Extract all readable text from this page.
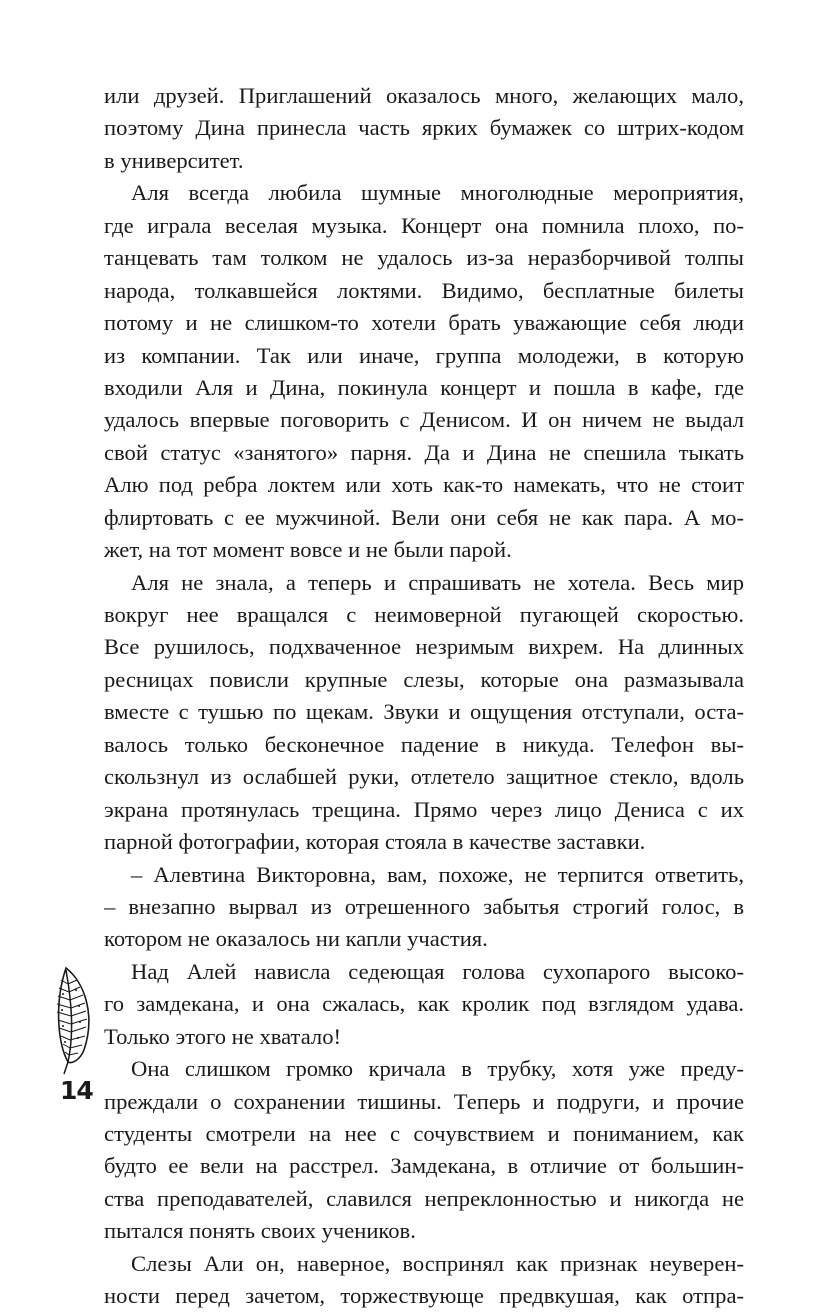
или друзей. Приглашений оказалось много, желающих мало,
поэтому Дина принесла часть ярких бумажек со штрих-кодом
в университет.
Аля всегда любила шумные многолюдные мероприятия,
где играла веселая музыка. Концерт она помнила плохо, по-
танцевать там толком не удалось из-за неразборчивой толпы
народа, толкавшейся локтями. Видимо, бесплатные билеты
потому и не слишком-то хотели брать уважающие себя люди
из компании. Так или иначе, группа молодежи, в которую
входили Аля и Дина, покинула концерт и пошла в кафе, где
удалось впервые поговорить с Денисом. И он ничем не выдал
свой статус «занятого» парня. Да и Дина не спешила тыкать
Алю под ребра локтем или хоть как-то намекать, что не стоит
флиртовать с ее мужчиной. Вели они себя не как пара. А мо-
жет, на тот момент вовсе и не были парой.
Аля не знала, а теперь и спрашивать не хотела. Весь мир
вокруг нее вращался с неимоверной пугающей скоростью.
Все рушилось, подхваченное незримым вихрем. На длинных
ресницах повисли крупные слезы, которые она размазывала
вместе с тушью по щекам. Звуки и ощущения отступали, оста-
валось только бесконечное падение в никуда. Телефон вы-
скользнул из ослабшей руки, отлетело защитное стекло, вдоль
экрана протянулась трещина. Прямо через лицо Дениса с их
парной фотографии, которая стояла в качестве заставки.
– Алевтина Викторовна, вам, похоже, не терпится ответить,
– внезапно вырвал из отрешенного забытья строгий голос, в
котором не оказалось ни капли участия.
Над Алей нависла седеющая голова сухопарого высоко-
го замдекана, и она сжалась, как кролик под взглядом удава.
Только этого не хватало!
Она слишком громко кричала в трубку, хотя уже преду-
преждали о сохранении тишины. Теперь и подруги, и прочие
студенты смотрели на нее с сочувствием и пониманием, как
будто ее вели на расстрел. Замдекана, в отличие от большин-
ства преподавателей, славился непреклонностью и никогда не
пытался понять своих учеников.
Слезы Али он, наверное, воспринял как признак неуверен-
ности перед зачетом, торжествующе предвкушая, как отпра-
14
